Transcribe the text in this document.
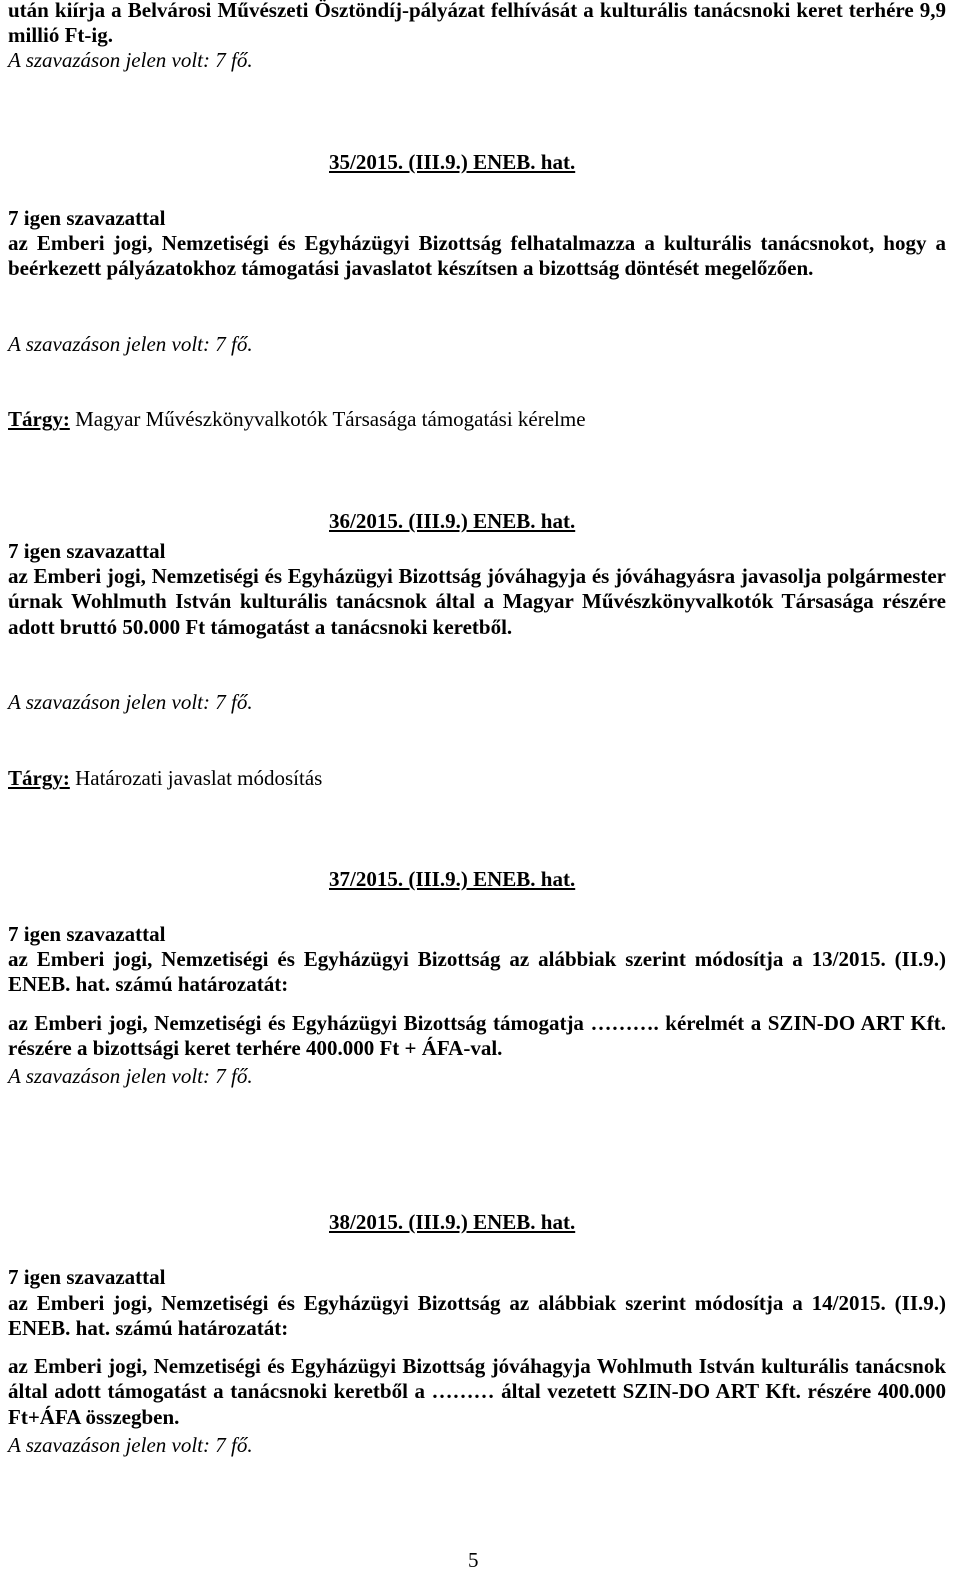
után kiírja a Belvárosi Művészeti Ösztöndíj-pályázat felhívását a kulturális tanácsnoki keret terhére 9,9 millió Ft-ig.

A szavazáson jelen volt: 7 fő.

35/2015. (III.9.) ENEB. hat.

7 igen szavazattal

az Emberi jogi, Nemzetiségi és Egyházügyi Bizottság felhatalmazza a kulturális tanácsnokot, hogy a beérkezett pályázatokhoz támogatási javaslatot készítsen a bizottság döntését megelőzően.

A szavazáson jelen volt: 7 fő.

Tárgy: Magyar Művészkönyvalkotók Társasága támogatási kérelme

36/2015. (III.9.) ENEB. hat.

7 igen szavazattal

az Emberi jogi, Nemzetiségi és Egyházügyi Bizottság jóváhagyja és jóváhagyásra javasolja polgármester úrnak Wohlmuth István kulturális tanácsnok által a Magyar Művészkönyvalkotók Társasága részére adott bruttó 50.000 Ft támogatást a tanácsnoki keretből.

A szavazáson jelen volt: 7 fő.

Tárgy: Határozati javaslat módosítás

37/2015. (III.9.) ENEB. hat.

7 igen szavazattal

az Emberi jogi, Nemzetiségi és Egyházügyi Bizottság az alábbiak szerint módosítja a 13/2015. (II.9.) ENEB. hat. számú határozatát:

az Emberi jogi, Nemzetiségi és Egyházügyi Bizottság támogatja ………. kérelmét a SZIN-DO ART Kft. részére a bizottsági keret terhére 400.000 Ft + ÁFA-val.

A szavazáson jelen volt: 7 fő.

38/2015. (III.9.) ENEB. hat.

7 igen szavazattal

az Emberi jogi, Nemzetiségi és Egyházügyi Bizottság az alábbiak szerint módosítja a 14/2015. (II.9.) ENEB. hat. számú határozatát:

az Emberi jogi, Nemzetiségi és Egyházügyi Bizottság jóváhagyja Wohlmuth István kulturális tanácsnok által adott támogatást a tanácsnoki keretből a ……… által vezetett SZIN-DO ART Kft. részére 400.000 Ft+ÁFA összegben.

A szavazáson jelen volt: 7 fő.

5
